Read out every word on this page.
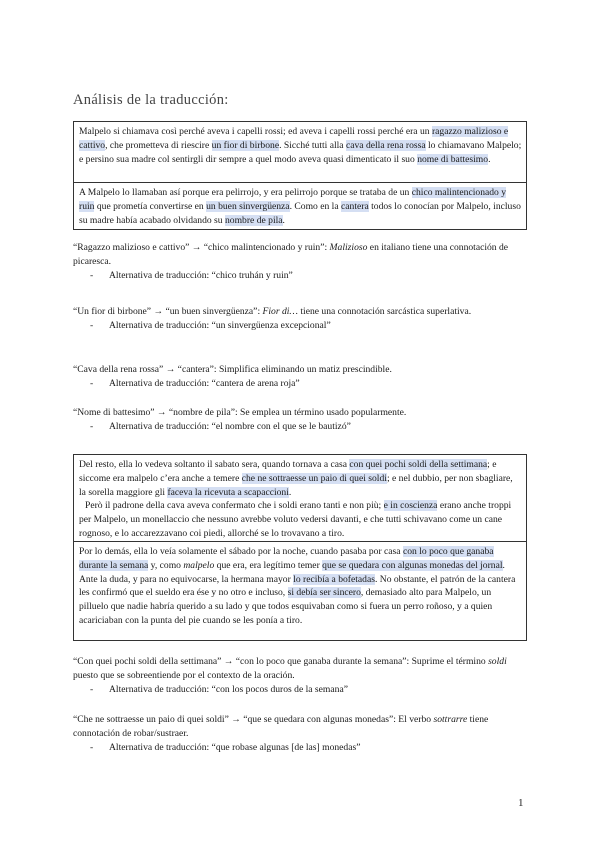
Análisis de la traducción:

Malpelo si chiamava così perché aveva i capelli rossi; ed aveva i capelli rossi perché era un ragazzo malizioso e cattivo, che prometteva di riescire un fior di birbone. Sicché tutti alla cava della rena rossa lo chiamavano Malpelo; e persino sua madre col sentirgli dir sempre a quel modo aveva quasi dimenticato il suo nome di battesimo.

A Malpelo lo llamaban así porque era pelirrojo, y era pelirrojo porque se trataba de un chico malintencionado y ruin que prometía convertirse en un buen sinvergüenza. Como en la cantera todos lo conocían por Malpelo, incluso su madre había acabado olvidando su nombre de pila.

“Ragazzo malizioso e cattivo” → “chico malintencionado y ruin”: Malizioso en italiano tiene una connotación de picaresca.

- Alternativa de traducción: “chico truhán y ruin”

“Un fior di birbone” → “un buen sinvergüenza”: Fior di… tiene una connotación sarcástica superlativa.

- Alternativa de traducción: “un sinvergüenza excepcional”

“Cava della rena rossa” → “cantera”: Simplifica eliminando un matiz prescindible.

- Alternativa de traducción: “cantera de arena roja”

“Nome di battesimo” → “nombre de pila”: Se emplea un término usado popularmente.

- Alternativa de traducción: “el nombre con el que se le bautizó”

Del resto, ella lo vedeva soltanto il sabato sera, quando tornava a casa con quei pochi soldi della settimana; e siccome era malpelo c’era anche a temere che ne sottraesse un paio di quei soldi; e nel dubbio, per non sbagliare, la sorella maggiore gli faceva la ricevuta a scapaccioni.

Però il padrone della cava aveva confermato che i soldi erano tanti e non più; e in coscienza erano anche troppi per Malpelo, un monellaccio che nessuno avrebbe voluto vedersi davanti, e che tutti schivavano come un cane rognoso, e lo accarezzavano coi piedi, allorché se lo trovavano a tiro.

Por lo demás, ella lo veía solamente el sábado por la noche, cuando pasaba por casa con lo poco que ganaba durante la semana y, como malpelo que era, era legítimo temer que se quedara con algunas monedas del jornal. Ante la duda, y para no equivocarse, la hermana mayor lo recibía a bofetadas. No obstante, el patrón de la cantera les confirmó que el sueldo era ése y no otro e incluso, si debía ser sincero, demasiado alto para Malpelo, un pilluelo que nadie habría querido a su lado y que todos esquivaban como si fuera un perro roñoso, y a quien acariciaban con la punta del pie cuando se les ponía a tiro.

“Con quei pochi soldi della settimana” → “con lo poco que ganaba durante la semana”: Suprime el término soldi puesto que se sobreentiende por el contexto de la oración.

- Alternativa de traducción: “con los pocos duros de la semana”

“Che ne sottraesse un paio di quei soldi” → “que se quedara con algunas monedas”: El verbo sottrarre tiene connotación de robar/sustraer.

- Alternativa de traducción: “que robase algunas [de las] monedas”

1
